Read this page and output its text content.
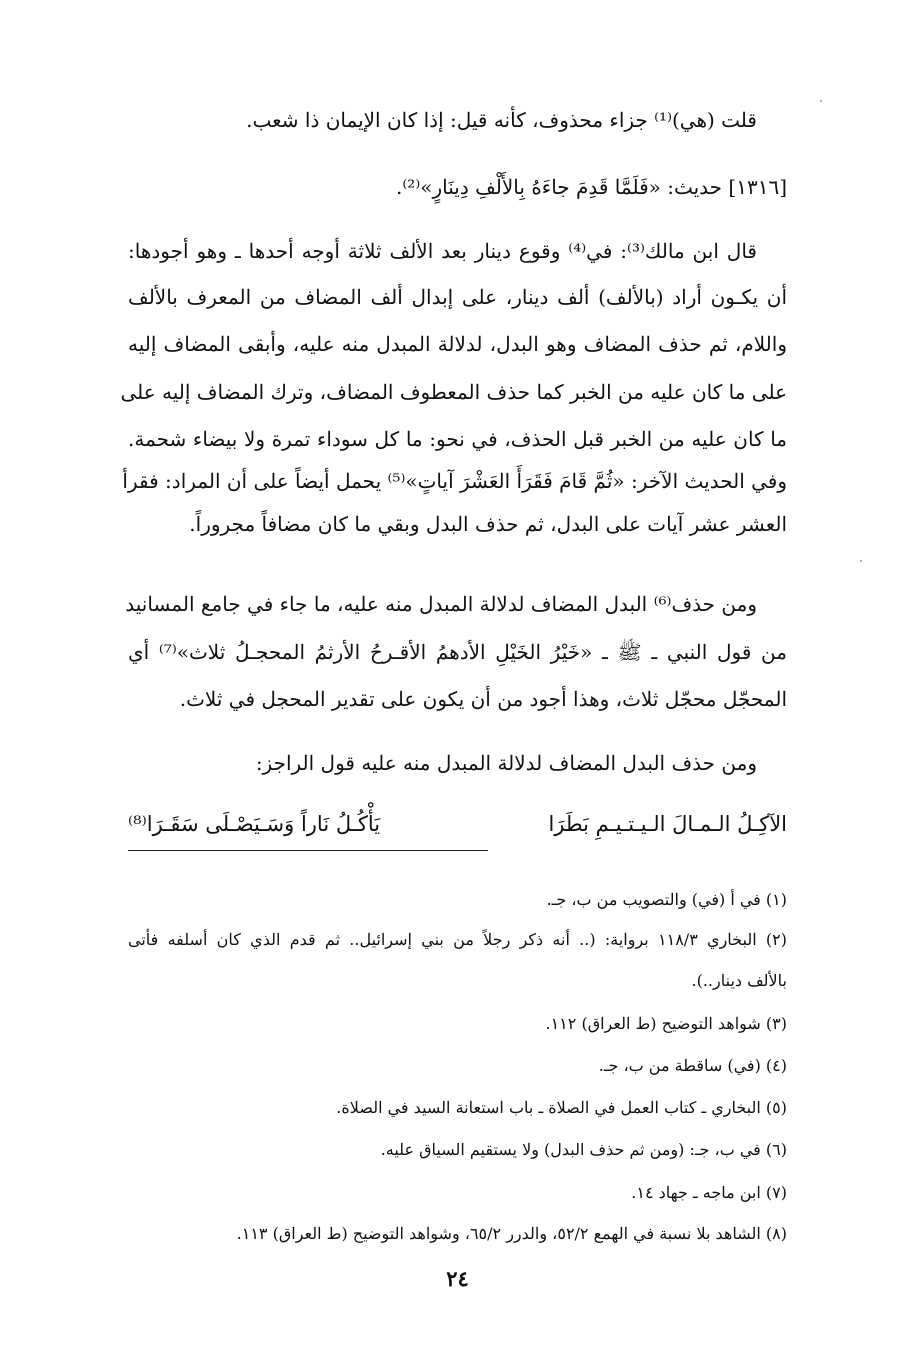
قلت (هي)⁽¹⁾ جزاء محذوف، كأنه قيل: إذا كان الإيمان ذا شعب.
[١٣١٦] حديث: «فَلَمَّا قَدِمَ جاءَهُ بِالأَلْفِ دِينَارٍ»⁽²⁾.
قال ابن مالك⁽³⁾: في⁽⁴⁾ وقوع دينار بعد الألف ثلاثة أوجه أحدها ـ وهو أجودها:
أن يكـون أراد (بالألف) ألف دينار، على إبدال ألف المضاف من المعرف بالألف
واللام، ثم حذف المضاف وهو البدل، لدلالة المبدل منه عليه، وأبقى المضاف إليه
على ما كان عليه من الخبر كما حذف المعطوف المضاف، وترك المضاف إليه على
ما كان عليه من الخبر قبل الحذف، في نحو: ما كل سوداء تمرة ولا بيضاء شحمة.
وفي الحديث الآخر: «ثُمَّ قَامَ فَقَرَأَ العَشْرَ آياتٍ»⁽⁵⁾ يحمل أيضاً على أن المراد: فقرأ
العشر عشر آيات على البدل، ثم حذف البدل وبقي ما كان مضافاً مجروراً.
ومن حذف⁽⁶⁾ البدل المضاف لدلالة المبدل منه عليه، ما جاء في جامع المسانيد
من قول النبي ـ ﷺ ـ «خَيْرُ الخَيْلِ الأدهمُ الأقـرحُ الأرثمُ المحجـلُ ثلاث»⁽⁷⁾ أي
المحجّل محجّل ثلاث، وهذا أجود من أن يكون على تقدير المحجل في ثلاث.
ومن حذف البدل المضاف لدلالة المبدل منه عليه قول الراجز:
الآكِـلُ الـمـالَ الـيـتـيـمِ بَطَرَا
يَأْكُـلُ نَاراً وَسَـيَصْـلَى سَقَـرَا⁽⁸⁾
(١) في أ (في) والتصويب من ب، جـ.
(٢) البخاري ١١٨/٣ برواية: (.. أنه ذكر رجلاً من بني إسرائيل.. ثم قدم الذي كان أسلفه فأتى
بالألف دينار..).
(٣) شواهد التوضيح (ط العراق) ١١٢.
(٤) (في) ساقطة من ب، جـ.
(٥) البخاري ـ كتاب العمل في الصلاة ـ باب استعانة السيد في الصلاة.
(٦) في ب، جـ: (ومن ثم حذف البدل) ولا يستقيم السياق عليه.
(٧) ابن ماجه ـ جهاد ١٤.
(٨) الشاهد بلا نسبة في الهمع ٥٢/٢، والدرر ٦٥/٢، وشواهد التوضيح (ط العراق) ١١٣.
٢٤
